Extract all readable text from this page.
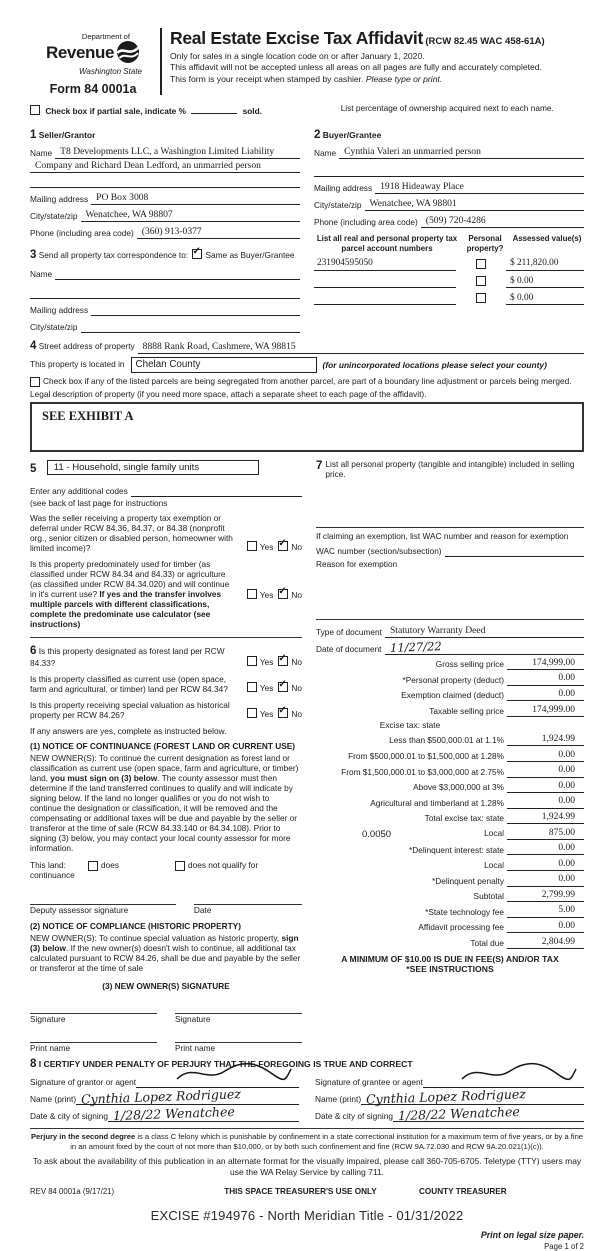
Department of
Revenue
Washington State
Form 84 0001a
Real Estate Excise Tax Affidavit (RCW 82.45 WAC 458-61A)
Only for sales in a single location code on or after January 1, 2020.
This affidavit will not be accepted unless all areas on all pages are fully and accurately completed.
This form is your receipt when stamped by cashier. Please type or print.
Check box if partial sale, indicate %	sold.	List percentage of ownership acquired next to each name.
1 Seller/Grantor
Name T8 Developments LLC, a Washington Limited Liability
Company and Richard Dean Ledford, an unmarried person
Mailing address PO Box 3008
City/state/zip Wenatchee, WA 98807
Phone (including area code) (360) 913-0377
3 Send all property tax correspondence to: ✓ Same as Buyer/Grantee
Name
Mailing address
City/state/zip
2 Buyer/Grantee
Name Cynthia Valeri an unmarried person
Mailing address 1918 Hideaway Place
City/state/zip Wenatchee, WA 98801
Phone (including area code) (509) 720-4286
List all real and personal property tax parcel account numbers
Personal property?
Assessed value(s)
231904595050	$ 211,820.00
$ 0.00
$ 0.00
4 Street address of property 8888 Rank Road, Cashmere, WA 98815
This property is located in	Chelan County	(for unincorporated locations please select your county)
Check box if any of the listed parcels are being segregated from another parcel, are part of a boundary line adjustment or parcels being merged.
Legal description of property (if you need more space, attach a separate sheet to each page of the affidavit).
SEE EXHIBIT A
5 11 - Household, single family units
Enter any additional codes
(see back of last page for instructions
Was the seller receiving a property tax exemption or deferral under RCW 84.36, 84.37, or 84.38 (nonprofit org., senior citizen or disabled person, homeowner with limited income)?	Yes ✓ No
Is this property predominately used for timber (as classified under RCW 84.34 and 84.33) or agriculture (as classified under RCW 84.34.020) and will continue in it's current use? If yes and the transfer involves multiple parcels with different classifications, complete the predominate use calculator (see instructions)
Yes ✓ No
6 Is this property designated as forest land per RCW 84.33?	Yes ✓ No
Is this property classified as current use (open space, farm and agricultural, or timber) land per RCW 84.34?	Yes ✓ No
Is this property receiving special valuation as historical property per RCW 84.26?	Yes ✓ No
If any answers are yes, complete as instructed below.
(1) NOTICE OF CONTINUANCE (FOREST LAND OR CURRENT USE)
NEW OWNER(S): To continue the current designation as forest land or classification as current use (open space, farm and agriculture, or timber) land, you must sign on (3) below. The county assessor must then determine if the land transferred continues to qualify and will indicate by signing below. If the land no longer qualifies or you do not wish to continue the designation or classification, it will be removed and the compensating or additional taxes will be due and payable by the seller or transferor at the time of sale (RCW 84.33.140 or 84.34.108). Prior to signing (3) below, you may contact your local county assessor for more information.
This land:	does	does not qualify for
continuance
Deputy assessor signature	Date
(2) NOTICE OF COMPLIANCE (HISTORIC PROPERTY)
NEW OWNER(S): To continue special valuation as historic property, sign (3) below. If the new owner(s) doesn't wish to continue, all additional tax calculated pursuant to RCW 84.26, shall be due and payable by the seller or transferor at the time of sale
(3) NEW OWNER(S) SIGNATURE
Signature	Signature
Print name	Print name
7 List all personal property (tangible and intangible) included in selling price.
If claiming an exemption, list WAC number and reason for exemption
WAC number (section/subsection)
Reason for exemption
Type of document Statutory Warranty Deed
Date of document 11/27/22
Gross selling price	174,999.00
*Personal property (deduct)	0.00
Exemption claimed (deduct)	0.00
Taxable selling price	174,999.00
Excise tax: state
Less than $500,000.01 at 1.1%	1,924.99
From $500,000.01 to $1,500,000 at 1.28%	0.00
From $1,500,000.01 to $3,000,000 at 2.75%	0.00
Above $3,000,000 at 3%	0.00
Agricultural and timberland at 1.28%	0.00
Total excise tax: state	1,924.99
0.0050	Local	875.00
*Delinquent interest: state	0.00
Local	0.00
*Delinquent penalty	0.00
Subtotal	2,799.99
*State technology fee	5.00
Affidavit processing fee	0.00
Total due	2,804.99
A MINIMUM OF $10.00 IS DUE IN FEE(S) AND/OR TAX
*SEE INSTRUCTIONS
8 I CERTIFY UNDER PENALTY OF PERJURY THAT THE FOREGOING IS TRUE AND CORRECT
Signature of grantor or agent
Name (print) Cynthia Lopez Rodriguez
Date & city of signing 1/28/22 Wenatchee
Signature of grantee or agent
Name (print) Cynthia Lopez Rodriguez
Date & city of signing 1/28/22 Wenatchee
Perjury in the second degree is a class C felony which is punishable by confinement in a state correctional institution for a maximum term of five years, or by a fine in an amount fixed by the court of not more than $10,000, or by both such confinement and fine (RCW 9A.72.030 and RCW 9A.20.021(1)(c)).
To ask about the availability of this publication in an alternate format for the visually impaired, please call 360-705-6705. Teletype (TTY) users may use the WA Relay Service by calling 711.
REV 84 0001a (9/17/21)	THIS SPACE TREASURER'S USE ONLY	COUNTY TREASURER
EXCISE #194976 - North Meridian Title - 01/31/2022
Print on legal size paper.
Page 1 of 2
